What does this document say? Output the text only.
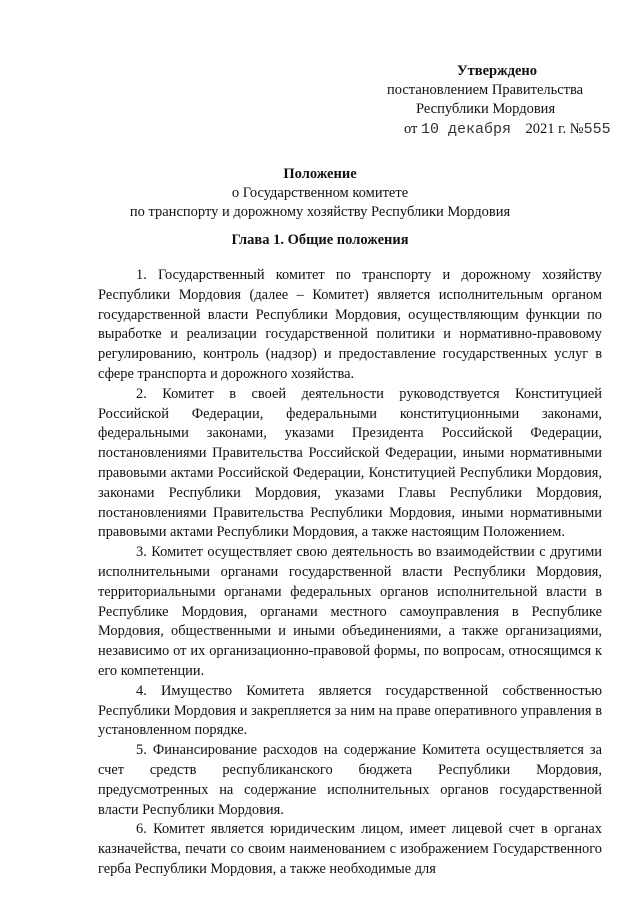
Утверждено
постановлением Правительства
Республики Мордовия
от 10 декабря 2021 г. №555
Положение
о Государственном комитете
по транспорту и дорожному хозяйству Республики Мордовия
Глава 1. Общие положения

1. Государственный комитет по транспорту и дорожному хозяйству Республики Мордовия (далее – Комитет) является исполнительным органом государственной власти Республики Мордовия, осуществляющим функции по выработке и реализации государственной политики и нормативно-правовому регулированию, контроль (надзор) и предоставление государственных услуг в сфере транспорта и дорожного хозяйства.

2. Комитет в своей деятельности руководствуется Конституцией Российской Федерации, федеральными конституционными законами, федеральными законами, указами Президента Российской Федерации, постановлениями Правительства Российской Федерации, иными нормативными правовыми актами Российской Федерации, Конституцией Республики Мордовия, законами Республики Мордовия, указами Главы Республики Мордовия, постановлениями Правительства Республики Мордовия, иными нормативными правовыми актами Республики Мордовия, а также настоящим Положением.

3. Комитет осуществляет свою деятельность во взаимодействии с другими исполнительными органами государственной власти Республики Мордовия, территориальными органами федеральных органов исполнительной власти в Республике Мордовия, органами местного самоуправления в Республике Мордовия, общественными и иными объединениями, а также организациями, независимо от их организационно-правовой формы, по вопросам, относящимся к его компетенции.

4. Имущество Комитета является государственной собственностью Республики Мордовия и закрепляется за ним на праве оперативного управления в установленном порядке.

5. Финансирование расходов на содержание Комитета осуществляется за счет средств республиканского бюджета Республики Мордовия, предусмотренных на содержание исполнительных органов государственной власти Республики Мордовия.

6. Комитет является юридическим лицом, имеет лицевой счет в органах казначейства, печати со своим наименованием с изображением Государственного герба Республики Мордовия, а также необходимые для
